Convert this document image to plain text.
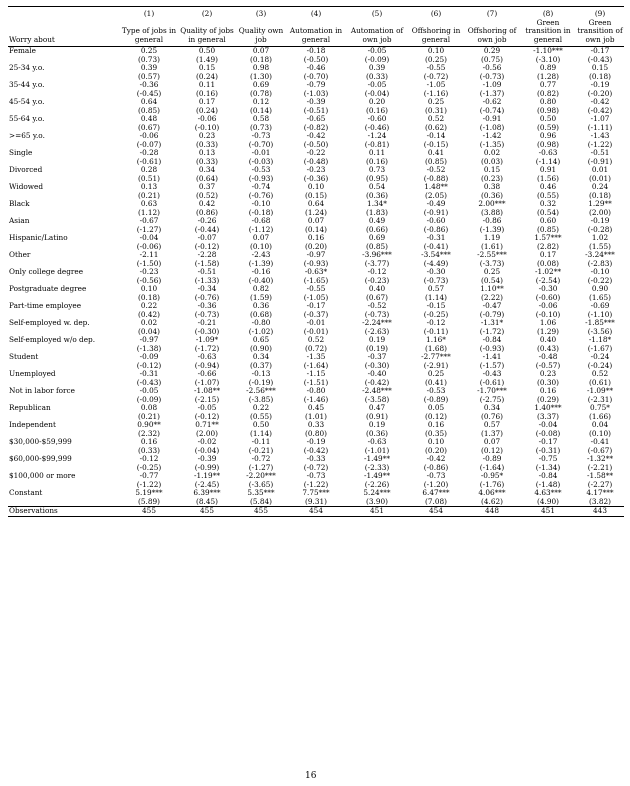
	(1)	(2)	(3)	(4)	(5)	(6)	(7)	(8)	(9)
Worry about	Type of jobs in general	Quality of jobs in general	Quality own job	Automation in general	Automation of own job	Offshoring in general	Offshoring of own job	Green transition in general	Green transition of own job
Female	0.25	0.50	0.07	-0.18	-0.05	0.10	0.29	-1.10***	-0.17
	(0.73)	(1.49)	(0.18)	(-0.50)	(-0.09)	(0.25)	(0.75)	(-3.10)	(-0.43)
25-34 y.o.	0.39	0.15	0.98	-0.46	0.39	-0.55	-0.56	0.89	0.15
	(0.57)	(0.24)	(1.30)	(-0.70)	(0.33)	(-0.72)	(-0.73)	(1.28)	(0.18)
35-44 y.o.	-0.36	0.11	0.69	-0.79	-0.05	-1.05	-1.09	0.77	-0.19
	(-0.45)	(0.16)	(0.78)	(-1.03)	(-0.04)	(-1.16)	(-1.37)	(0.82)	(-0.20)
45-54 y.o.	0.64	0.17	0.12	-0.39	0.20	0.25	-0.62	0.80	-0.42
	(0.85)	(0.24)	(0.14)	(-0.51)	(0.16)	(0.31)	(-0.74)	(0.98)	(-0.42)
55-64 y.o.	0.48	-0.06	0.58	-0.65	-0.60	0.52	-0.91	0.50	-1.07
	(0.67)	(-0.10)	(0.73)	(-0.82)	(-0.46)	(0.62)	(-1.08)	(0.59)	(-1.11)
>=65 y.o.	-0.06	0.23	-0.73	-0.42	-1.24	-0.14	-1.42	0.96	-1.43
	(-0.07)	(0.33)	(-0.70)	(-0.50)	(-0.81)	(-0.15)	(-1.35)	(0.98)	(-1.22)
Single	-0.28	0.13	-0.01	-0.22	0.11	0.41	0.02	-0.63	-0.51
	(-0.61)	(0.33)	(-0.03)	(-0.48)	(0.16)	(0.85)	(0.03)	(-1.14)	(-0.91)
Divorced	0.28	0.34	-0.53	-0.23	0.73	-0.52	0.15	0.91	0.01
	(0.51)	(0.64)	(-0.93)	(-0.36)	(0.95)	(-0.88)	(0.23)	(1.56)	(0.01)
Widowed	0.13	0.37	-0.74	0.10	0.54	1.48**	0.38	0.46	0.24
	(0.21)	(0.52)	(-0.76)	(0.15)	(0.36)	(2.05)	(0.36)	(0.55)	(0.18)
Black	0.63	0.42	-0.10	0.64	1.34*	-0.49	2.00***	0.32	1.29**
	(1.12)	(0.86)	(-0.18)	(1.24)	(1.83)	(-0.91)	(3.88)	(0.54)	(2.00)
Asian	-0.67	-0.26	-0.68	0.07	0.49	-0.60	-0.86	0.60	-0.19
	(-1.27)	(-0.44)	(-1.12)	(0.14)	(0.66)	(-0.86)	(-1.39)	(0.85)	(-0.28)
Hispanic/Latino	-0.04	-0.07	0.07	0.16	0.69	-0.31	1.19	1.57***	1.02
	(-0.06)	(-0.12)	(0.10)	(0.20)	(0.85)	(-0.41)	(1.61)	(2.82)	(1.55)
Other	-2.11	-2.28	-2.43	-0.97	-3.96***	-3.54***	-2.55***	0.17	-3.24***
	(-1.50)	(-1.58)	(-1.39)	(-0.93)	(-3.77)	(-4.49)	(-3.73)	(0.08)	(-2.83)
Only college degree	-0.23	-0.51	-0.16	-0.63*	-0.12	-0.30	0.25	-1.02**	-0.10
	(-0.56)	(-1.33)	(-0.40)	(-1.65)	(-0.23)	(-0.73)	(0.54)	(-2.54)	(-0.22)
Postgraduate degree	0.10	-0.34	0.82	-0.55	0.40	0.57	1.10**	-0.30	0.90
	(0.18)	(-0.76)	(1.59)	(-1.05)	(0.67)	(1.14)	(2.22)	(-0.60)	(1.65)
Part-time employee	0.22	-0.36	0.36	-0.17	-0.52	-0.15	-0.47	-0.06	-0.69
	(0.42)	(-0.73)	(0.68)	(-0.37)	(-0.73)	(-0.25)	(-0.79)	(-0.10)	(-1.10)
Self-employed w. dep.	0.02	-0.21	-0.80	-0.01	-2.24***	-0.12	-1.31*	1.06	-1.85***
	(0.04)	(-0.30)	(-1.02)	(-0.01)	(-2.63)	(-0.11)	(-1.72)	(1.29)	(-3.56)
Self-employed w/o dep.	-0.97	-1.09*	0.65	0.52	0.19	1.16*	-0.84	0.40	-1.18*
	(-1.38)	(-1.72)	(0.90)	(0.72)	(0.19)	(1.68)	(-0.93)	(0.43)	(-1.67)
Student	-0.09	-0.63	0.34	-1.35	-0.37	-2.77***	-1.41	-0.48	-0.24
	(-0.12)	(-0.94)	(0.37)	(-1.64)	(-0.30)	(-2.91)	(-1.57)	(-0.57)	(-0.24)
Unemployed	-0.31	-0.66	-0.13	-1.15	-0.40	0.25	-0.43	0.23	0.52
	(-0.43)	(-1.07)	(-0.19)	(-1.51)	(-0.42)	(0.41)	(-0.61)	(0.30)	(0.61)
Not in labor force	-0.05	-1.08**	-2.56***	-0.80	-2.48***	-0.53	-1.70***	0.16	-1.09**
	(-0.09)	(-2.15)	(-3.85)	(-1.46)	(-3.58)	(-0.89)	(-2.75)	(0.29)	(-2.31)
Republican	0.08	-0.05	0.22	0.45	0.47	0.05	0.34	1.40***	0.75*
	(0.21)	(-0.12)	(0.55)	(1.01)	(0.91)	(0.12)	(0.76)	(3.37)	(1.66)
Independent	0.90**	0.71**	0.50	0.33	0.19	0.16	0.57	-0.04	0.04
	(2.32)	(2.00)	(1.14)	(0.80)	(0.36)	(0.35)	(1.37)	(-0.08)	(0.10)
$30,000-$59,999	0.16	-0.02	-0.11	-0.19	-0.63	0.10	0.07	-0.17	-0.41
	(0.33)	(-0.04)	(-0.21)	(-0.42)	(-1.01)	(0.20)	(0.12)	(-0.31)	(-0.67)
$60,000-$99,999	-0.12	-0.39	-0.72	-0.33	-1.49**	-0.42	-0.89	-0.75	-1.32**
	(-0.25)	(-0.99)	(-1.27)	(-0.72)	(-2.33)	(-0.86)	(-1.64)	(-1.34)	(-2.21)
$100,000 or more	-0.77	-1.19**	-2.20***	-0.73	-1.49**	-0.73	-0.95*	-0.84	-1.58**
	(-1.22)	(-2.45)	(-3.65)	(-1.22)	(-2.26)	(-1.20)	(-1.76)	(-1.48)	(-2.27)
Constant	5.19***	6.39***	5.35***	7.75***	5.24***	6.47***	4.06***	4.63***	4.17***
	(5.89)	(8.45)	(5.84)	(9.31)	(3.90)	(7.08)	(4.62)	(4.90)	(3.82)
Observations	455	455	455	454	451	454	448	451	443
16
